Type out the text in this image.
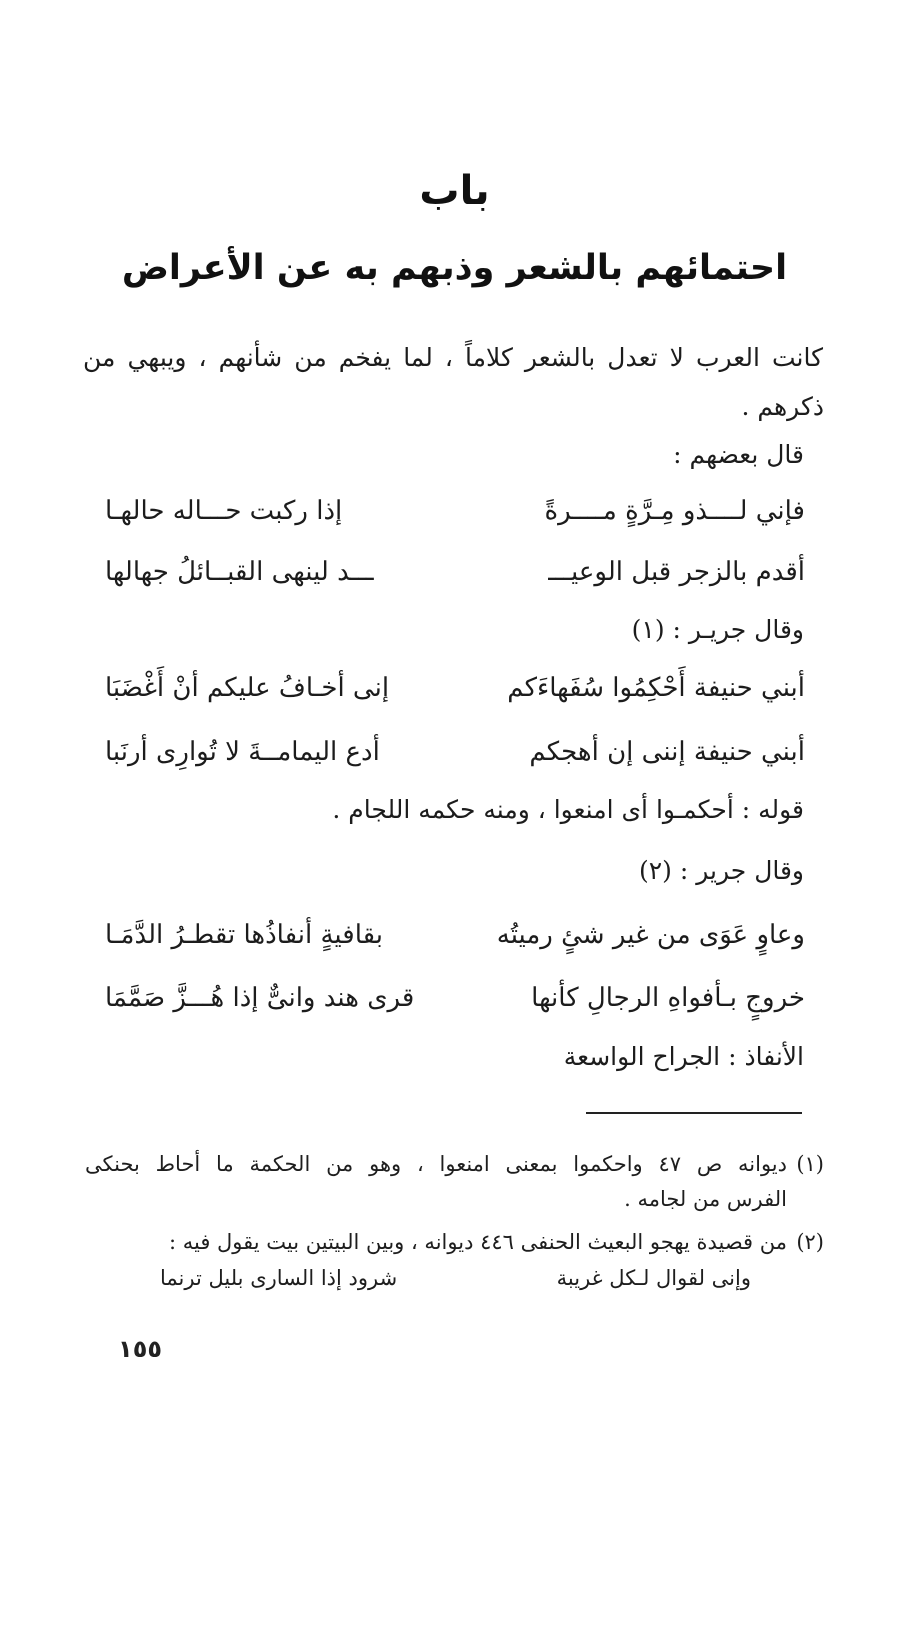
باب
احتمائهم بالشعر وذبهم به عن الأعراض
كانت العرب لا تعدل بالشعر كلاماً ، لما يفخم من شأنهم ، ويبهي من
ذكرهم .
قال بعضهم :
فإني لــــذو مِـرَّةٍ مــــرةً
إذا ركبت حـــاله حالهـا
أقدم بالزجر قبل الوعيـــ
ـــد لينهى القبــائلُ جهالها
وقال جريـر : (١)
أبني حنيفة أَحْكِمُوا سُفَهاءَكم
إنى أخـافُ عليكم أنْ أَغْضَبَا
أبني حنيفة إننى إن أهجكم
أدع اليمامــةَ لا تُوارِى أرنَبا
قوله : أحكمـوا أى امنعوا ، ومنه حكمه اللجام .
وقال جرير : (٢)
وعاوٍ عَوَى من غير شئٍ رميتُه
بقافيةٍ أنفاذُها تقطـرُ الدَّمَـا
خروجٍ بـأفواهِ الرجالِ كأنها
قرى هند وانىٌّ إذا هُـــزَّ صَمَّمَا
الأنفاذ : الجراح الواسعة
(١)
ديوانه ص ٤٧ واحكموا بمعنى امنعوا ، وهو من الحكمة ما أحاط بحنكى
الفرس من لجامه .
(٢)
من قصيدة يهجو البعيث الحنفى ٤٤٦ ديوانه ، وبين البيتين بيت يقول فيه :
وإنى لقوال لـكل غريبة
شرود إذا السارى بليل ترنما
١٥٥
